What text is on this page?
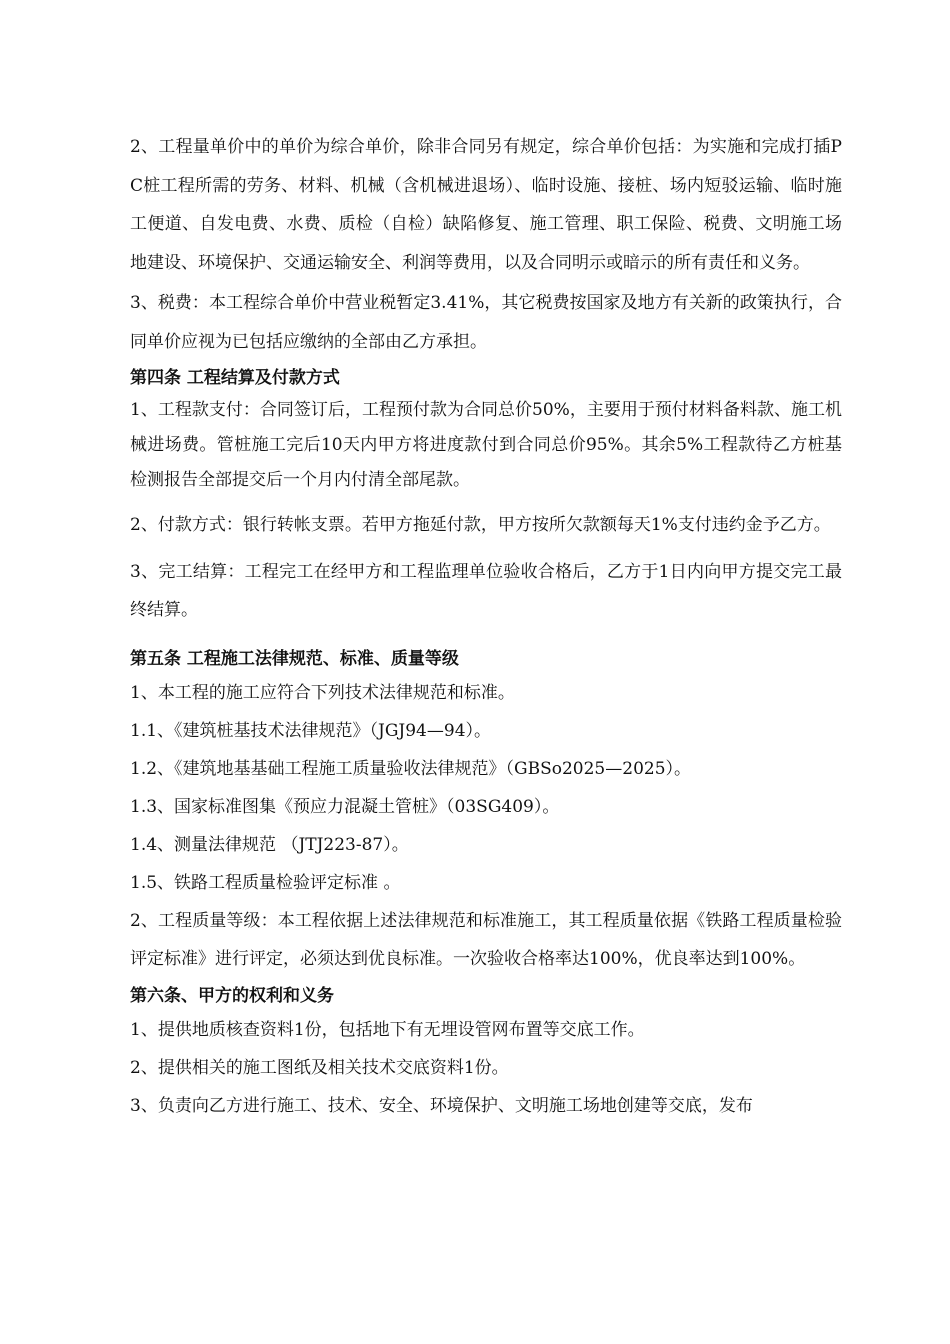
2、工程量单价中的单价为综合单价，除非合同另有规定，综合单价包括：为实施和完成打插PC桩工程所需的劳务、材料、机械（含机械进退场）、临时设施、接桩、场内短驳运输、临时施工便道、自发电费、水费、质检（自检）缺陷修复、施工管理、职工保险、税费、文明施工场地建设、环境保护、交通运输安全、利润等费用，以及合同明示或暗示的所有责任和义务。

3、税费：本工程综合单价中营业税暂定3.41%，其它税费按国家及地方有关新的政策执行，合同单价应视为已包括应缴纳的全部由乙方承担。

第四条 工程结算及付款方式

1、工程款支付：合同签订后，工程预付款为合同总价50%，主要用于预付材料备料款、施工机械进场费。管桩施工完后10天内甲方将进度款付到合同总价95%。其余5%工程款待乙方桩基检测报告全部提交后一个月内付清全部尾款。

2、付款方式：银行转帐支票。若甲方拖延付款，甲方按所欠款额每天1%支付违约金予乙方。

3、完工结算：工程完工在经甲方和工程监理单位验收合格后，乙方于1日内向甲方提交完工最终结算。

第五条 工程施工法律规范、标准、质量等级

1、本工程的施工应符合下列技术法律规范和标准。

1.1、《建筑桩基技术法律规范》（JGJ94—94）。

1.2、《建筑地基基础工程施工质量验收法律规范》（GBSo2025—2025）。

1.3、国家标准图集《预应力混凝土管桩》（03SG409）。

1.4、测量法律规范 （JTJ223-87）。

1.5、铁路工程质量检验评定标准 。

2、工程质量等级：本工程依据上述法律规范和标准施工，其工程质量依据《铁路工程质量检验评定标准》进行评定，必须达到优良标准。一次验收合格率达100%，优良率达到100%。

第六条、甲方的权利和义务

1、提供地质核查资料1份，包括地下有无埋设管网布置等交底工作。

2、提供相关的施工图纸及相关技术交底资料1份。

3、负责向乙方进行施工、技术、安全、环境保护、文明施工场地创建等交底，发布
